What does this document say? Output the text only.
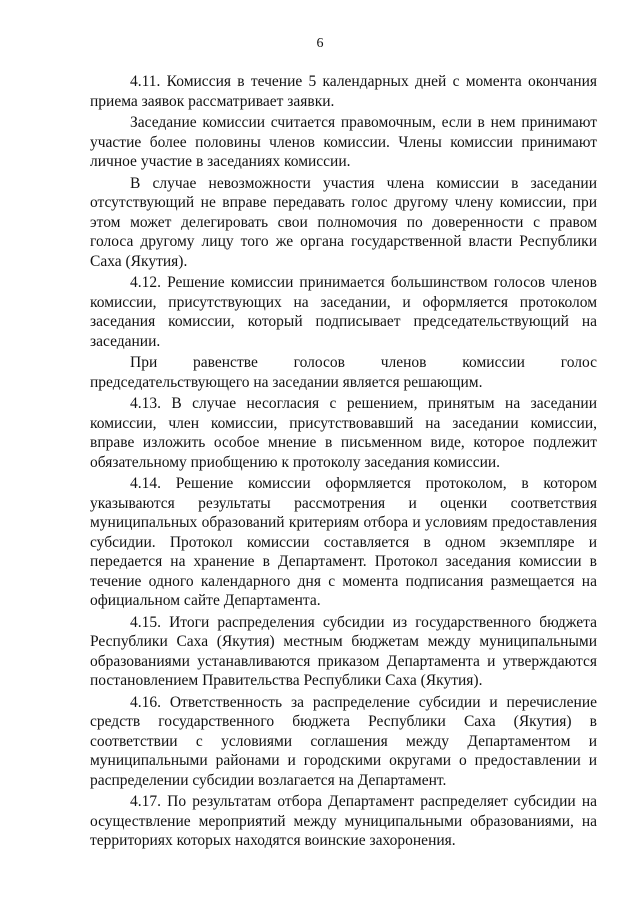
6

4.11. Комиссия в течение 5 календарных дней с момента окончания приема заявок рассматривает заявки.

Заседание комиссии считается правомочным, если в нем принимают участие более половины членов комиссии. Члены комиссии принимают личное участие в заседаниях комиссии.

В случае невозможности участия члена комиссии в заседании отсутствующий не вправе передавать голос другому члену комиссии, при этом может делегировать свои полномочия по доверенности с правом голоса другому лицу того же органа государственной власти Республики Саха (Якутия).

4.12. Решение комиссии принимается большинством голосов членов комиссии, присутствующих на заседании, и оформляется протоколом заседания комиссии, который подписывает председательствующий на заседании.

При равенстве голосов членов комиссии голос председательствующего на заседании является решающим.

4.13. В случае несогласия с решением, принятым на заседании комиссии, член комиссии, присутствовавший на заседании комиссии, вправе изложить особое мнение в письменном виде, которое подлежит обязательному приобщению к протоколу заседания комиссии.

4.14. Решение комиссии оформляется протоколом, в котором указываются результаты рассмотрения и оценки соответствия муниципальных образований критериям отбора и условиям предоставления субсидии. Протокол комиссии составляется в одном экземпляре и передается на хранение в Департамент. Протокол заседания комиссии в течение одного календарного дня с момента подписания размещается на официальном сайте Департамента.

4.15. Итоги распределения субсидии из государственного бюджета Республики Саха (Якутия) местным бюджетам между муниципальными образованиями устанавливаются приказом Департамента и утверждаются постановлением Правительства Республики Саха (Якутия).

4.16. Ответственность за распределение субсидии и перечисление средств государственного бюджета Республики Саха (Якутия) в соответствии с условиями соглашения между Департаментом и муниципальными районами и городскими округами о предоставлении и распределении субсидии возлагается на Департамент.

4.17. По результатам отбора Департамент распределяет субсидии на осуществление мероприятий между муниципальными образованиями, на территориях которых находятся воинские захоронения.
